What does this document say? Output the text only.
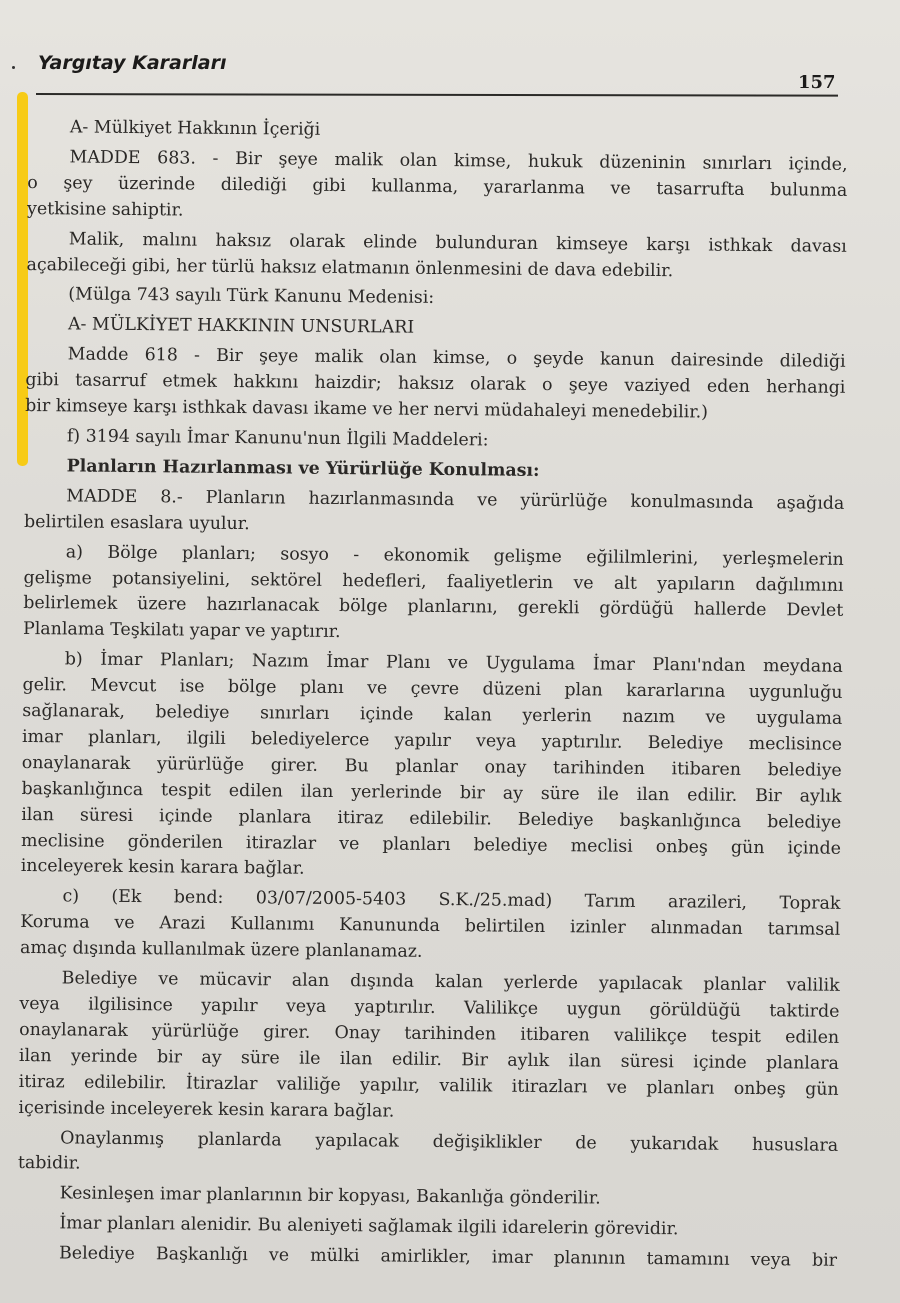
Yargıtay Kararları
157
A- Mülkiyet Hakkının İçeriği
MADDE 683. - Bir şeye malik olan kimse, hukuk düzeninin sınırları içinde,
o şey üzerinde dilediği gibi kullanma, yararlanma ve tasarrufta bulunma
yetkisine sahiptir.
Malik, malını haksız olarak elinde bulunduran kimseye karşı isthkak davası
açabileceği gibi, her türlü haksız elatmanın önlenmesini de dava edebilir.
(Mülga 743 sayılı Türk Kanunu Medenisi:
A- MÜLKİYET HAKKININ UNSURLARI
Madde 618 - Bir şeye malik olan kimse, o şeyde kanun dairesinde dilediği
gibi tasarruf etmek hakkını haizdir; haksız olarak o şeye vaziyed eden herhangi
bir kimseye karşı isthkak davası ikame ve her nervi müdahaleyi menedebilir.)
f) 3194 sayılı İmar Kanunu'nun İlgili Maddeleri:
Planların Hazırlanması ve Yürürlüğe Konulması:
MADDE 8.- Planların hazırlanmasında ve yürürlüğe konulmasında aşağıda
belirtilen esaslara uyulur.
a) Bölge planları; sosyo - ekonomik gelişme eğililmlerini, yerleşmelerin
gelişme potansiyelini, sektörel hedefleri, faaliyetlerin ve alt yapıların dağılımını
belirlemek üzere hazırlanacak bölge planlarını, gerekli gördüğü hallerde Devlet
Planlama Teşkilatı yapar ve yaptırır.
b) İmar Planları; Nazım İmar Planı ve Uygulama İmar Planı'ndan meydana
gelir. Mevcut ise bölge planı ve çevre düzeni plan kararlarına uygunluğu
sağlanarak, belediye sınırları içinde kalan yerlerin nazım ve uygulama
imar planları, ilgili belediyelerce yapılır veya yaptırılır. Belediye meclisince
onaylanarak yürürlüğe girer. Bu planlar onay tarihinden itibaren belediye
başkanlığınca tespit edilen ilan yerlerinde bir ay süre ile ilan edilir. Bir aylık
ilan süresi içinde planlara itiraz edilebilir. Belediye başkanlığınca belediye
meclisine gönderilen itirazlar ve planları belediye meclisi onbeş gün içinde
inceleyerek kesin karara bağlar.
c) (Ek bend: 03/07/2005-5403 S.K./25.mad) Tarım arazileri, Toprak
Koruma ve Arazi Kullanımı Kanununda belirtilen izinler alınmadan tarımsal
amaç dışında kullanılmak üzere planlanamaz.
Belediye ve mücavir alan dışında kalan yerlerde yapılacak planlar valilik
veya ilgilisince yapılır veya yaptırılır. Valilikçe uygun görüldüğü taktirde
onaylanarak yürürlüğe girer. Onay tarihinden itibaren valilikçe tespit edilen
ilan yerinde bir ay süre ile ilan edilir. Bir aylık ilan süresi içinde planlara
itiraz edilebilir. İtirazlar valiliğe yapılır, valilik itirazları ve planları onbeş gün
içerisinde inceleyerek kesin karara bağlar.
Onaylanmış planlarda yapılacak değişiklikler de yukarıdak hususlara
tabidir.
Kesinleşen imar planlarının bir kopyası, Bakanlığa gönderilir.
İmar planları alenidir. Bu aleniyeti sağlamak ilgili idarelerin görevidir.
Belediye Başkanlığı ve mülki amirlikler, imar planının tamamını veya bir
